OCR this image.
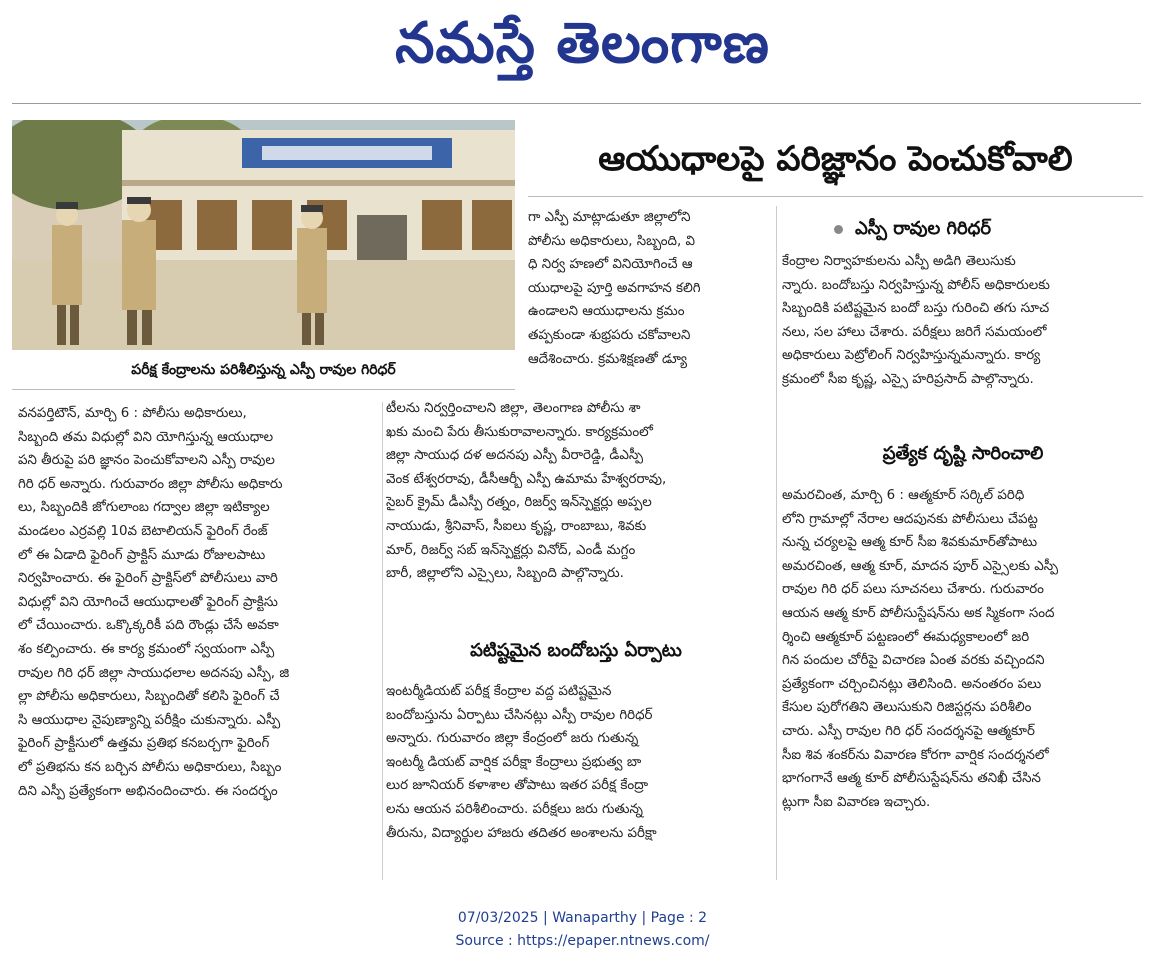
నమస్తే తెలంగాణ
పరీక్ష కేంద్రాలను పరిశీలిస్తున్న ఎస్పీ రావుల గిరిధర్
ఆయుధాలపై పరిజ్ఞానం పెంచుకోవాలి
ఎస్పీ రావుల గిరిధర్

వనపర్తిటౌన్, మార్చి 6 : పోలీసు అధికారులు,

సిబ్బంది తమ విధుల్లో విని యోగిస్తున్న ఆయుధాల

పని తీరుపై పరి జ్ఞానం పెంచుకోవాలని ఎస్పీ రావుల

గిరి ధర్ అన్నారు. గురువారం జిల్లా పోలీసు అధికారు

లు, సిబ్బందికి జోగులాంబ గద్వాల జిల్లా ఇటిక్యాల

మండలం ఎర్రవల్లి 10వ బెటాలియన్ ఫైరింగ్ రేంజ్

లో ఈ ఏడాది ఫైరింగ్ ప్రాక్టిస్ మూడు రోజులపాటు

నిర్వహించారు. ఈ ఫైరింగ్ ప్రాక్టిస్‌లో పోలీసులు వారి

విధుల్లో విని యోగించే ఆయుధాలతో ఫైరింగ్ ప్రాక్టిసు

లో చేయించారు. ఒక్కొక్కరికీ పది రౌండ్లు చేసే అవకా

శం కల్పించారు. ఈ కార్య క్రమంలో స్వయంగా ఎస్పీ

రావుల గిరి ధర్ జిల్లా సాయుధలాల అదనపు ఎస్పీ, జి

ల్లా పోలీసు అధికారులు, సిబ్బందితో కలిసి ఫైరింగ్ చే

సి ఆయుధాల నైపుణ్యాన్ని పరీక్షిం చుకున్నారు. ఎస్పీ

ఫైరింగ్ ప్రాక్టీసులో ఉత్తమ ప్రతిభ కనబర్చగా ఫైరింగ్

లో ప్రతిభను కన బర్చిన పోలీసు అధికారులు, సిబ్బం

దిని ఎస్పీ ప్రత్యేకంగా అభినందించారు. ఈ సందర్భం

గా ఎస్పీ మాట్లాడుతూ జిల్లాలోని

పోలీసు అధికారులు, సిబ్బంది, వి

ధి నిర్వ హణలో వినియోగించే ఆ

యుధాలపై పూర్తి అవగాహన కలిగి

ఉండాలని ఆయుధాలను క్రమం

తప్పకుండా శుభ్రపరు చకోవాలని

ఆదేశించారు. క్రమశిక్షణతో డ్యూ

టీలను నిర్వర్తించాలని జిల్లా, తెలంగాణ పోలీసు శా

ఖకు మంచి పేరు తీసుకురావాలన్నారు. కార్యక్రమంలో

జిల్లా సాయుధ దళ అదనపు ఎస్పీ వీరారెడ్డి, డీఎస్పీ

వెంక టేశ్వరరావు, డీసీఆర్బీ ఎస్పీ ఉమామ హేశ్వరరావు,

సైబర్ క్రైమ్ డీఎస్పీ రత్నం, రిజర్వ్ ఇన్‌స్పెక్టర్లు అప్పల

నాయుడు, శ్రీనివాస్, సీఐలు కృష్ణ, రాంబాబు, శివకు

మార్, రిజర్వ్ సబ్ ఇన్‌స్పెక్టర్లు వినోద్, ఎండీ మగ్దం

బారీ, జిల్లాలోని ఎస్సైలు, సిబ్బంది పాల్గొన్నారు.

పటిష్టమైన బందోబస్తు ఏర్పాటు

ఇంటర్మీడియట్ పరీక్ష కేంద్రాల వద్ద పటిష్టమైన

బందోబస్తును ఏర్పాటు చేసినట్లు ఎస్పీ రావుల గిరిధర్

అన్నారు. గురువారం జిల్లా కేంద్రంలో జరు గుతున్న

ఇంటర్మీ డియట్ వార్షిక పరీక్షా కేంద్రాలు ప్రభుత్వ బా

లుర జూనియర్ కళాశాల తోపాటు ఇతర పరీక్ష కేంద్రా

లను ఆయన పరిశీలించారు. పరీక్షలు జరు గుతున్న

తీరును, విద్యార్థుల హాజరు తదితర అంశాలను పరీక్షా

కేంద్రాల నిర్వాహకులను ఎస్పీ అడిగి తెలుసుకు

న్నారు. బందోబస్తు నిర్వహిస్తున్న పోలీస్ అధికారులకు

సిబ్బందికి పటిష్టమైన బందో బస్తు గురించి తగు సూచ

నలు, సల హాలు చేశారు. పరీక్షలు జరిగే సమయంలో

అధికారులు పెట్రోలింగ్ నిర్వహిస్తున్నమన్నారు. కార్య

క్రమంలో సీఐ కృష్ణ, ఎస్సై హరిప్రసాద్ పాల్గొన్నారు.

ప్రత్యేక దృష్టి సారించాలి

అమరచింత, మార్చి 6 : ఆత్మకూర్ సర్కిల్ పరిధి

లోని గ్రామాల్లో నేరాల ఆదపునకు పోలీసులు చేపట్ట

నున్న చర్యలపై ఆత్మ కూర్ సీఐ శివకుమార్‌తోపాటు

అమరచింత, ఆత్మ కూర్, మాదన పూర్ ఎస్సైలకు ఎస్పీ

రావుల గిరి ధర్ పలు సూచనలు చేశారు. గురువారం

ఆయన ఆత్మ కూర్ పోలీసుస్టేషన్‌ను అక స్మికంగా సంద

ర్శించి ఆత్మకూర్ పట్టణంలో ఈమధ్యకాలంలో జరి

గిన పందుల చోరీపై విచారణ ఏంత వరకు వచ్చిందని

ప్రత్యేకంగా చర్చించినట్లు తెలిసింది. అనంతరం పలు

కేసుల పురోగతిని తెలుసుకుని రిజిస్టర్లను పరిశీలిం

చారు. ఎస్పీ రావుల గిరి ధర్ సందర్శనపై ఆత్మకూర్

సీఐ శివ శంకర్‌ను వివారణ కోరగా వార్షిక సందర్శనలో

భాగంగానే ఆత్మ కూర్ పోలీసుస్టేషన్‌ను తనిఖీ చేసిన

ట్లుగా సీఐ వివారణ ఇచ్చారు.

07/03/2025 | Wanaparthy | Page : 2
Source : https://epaper.ntnews.com/
